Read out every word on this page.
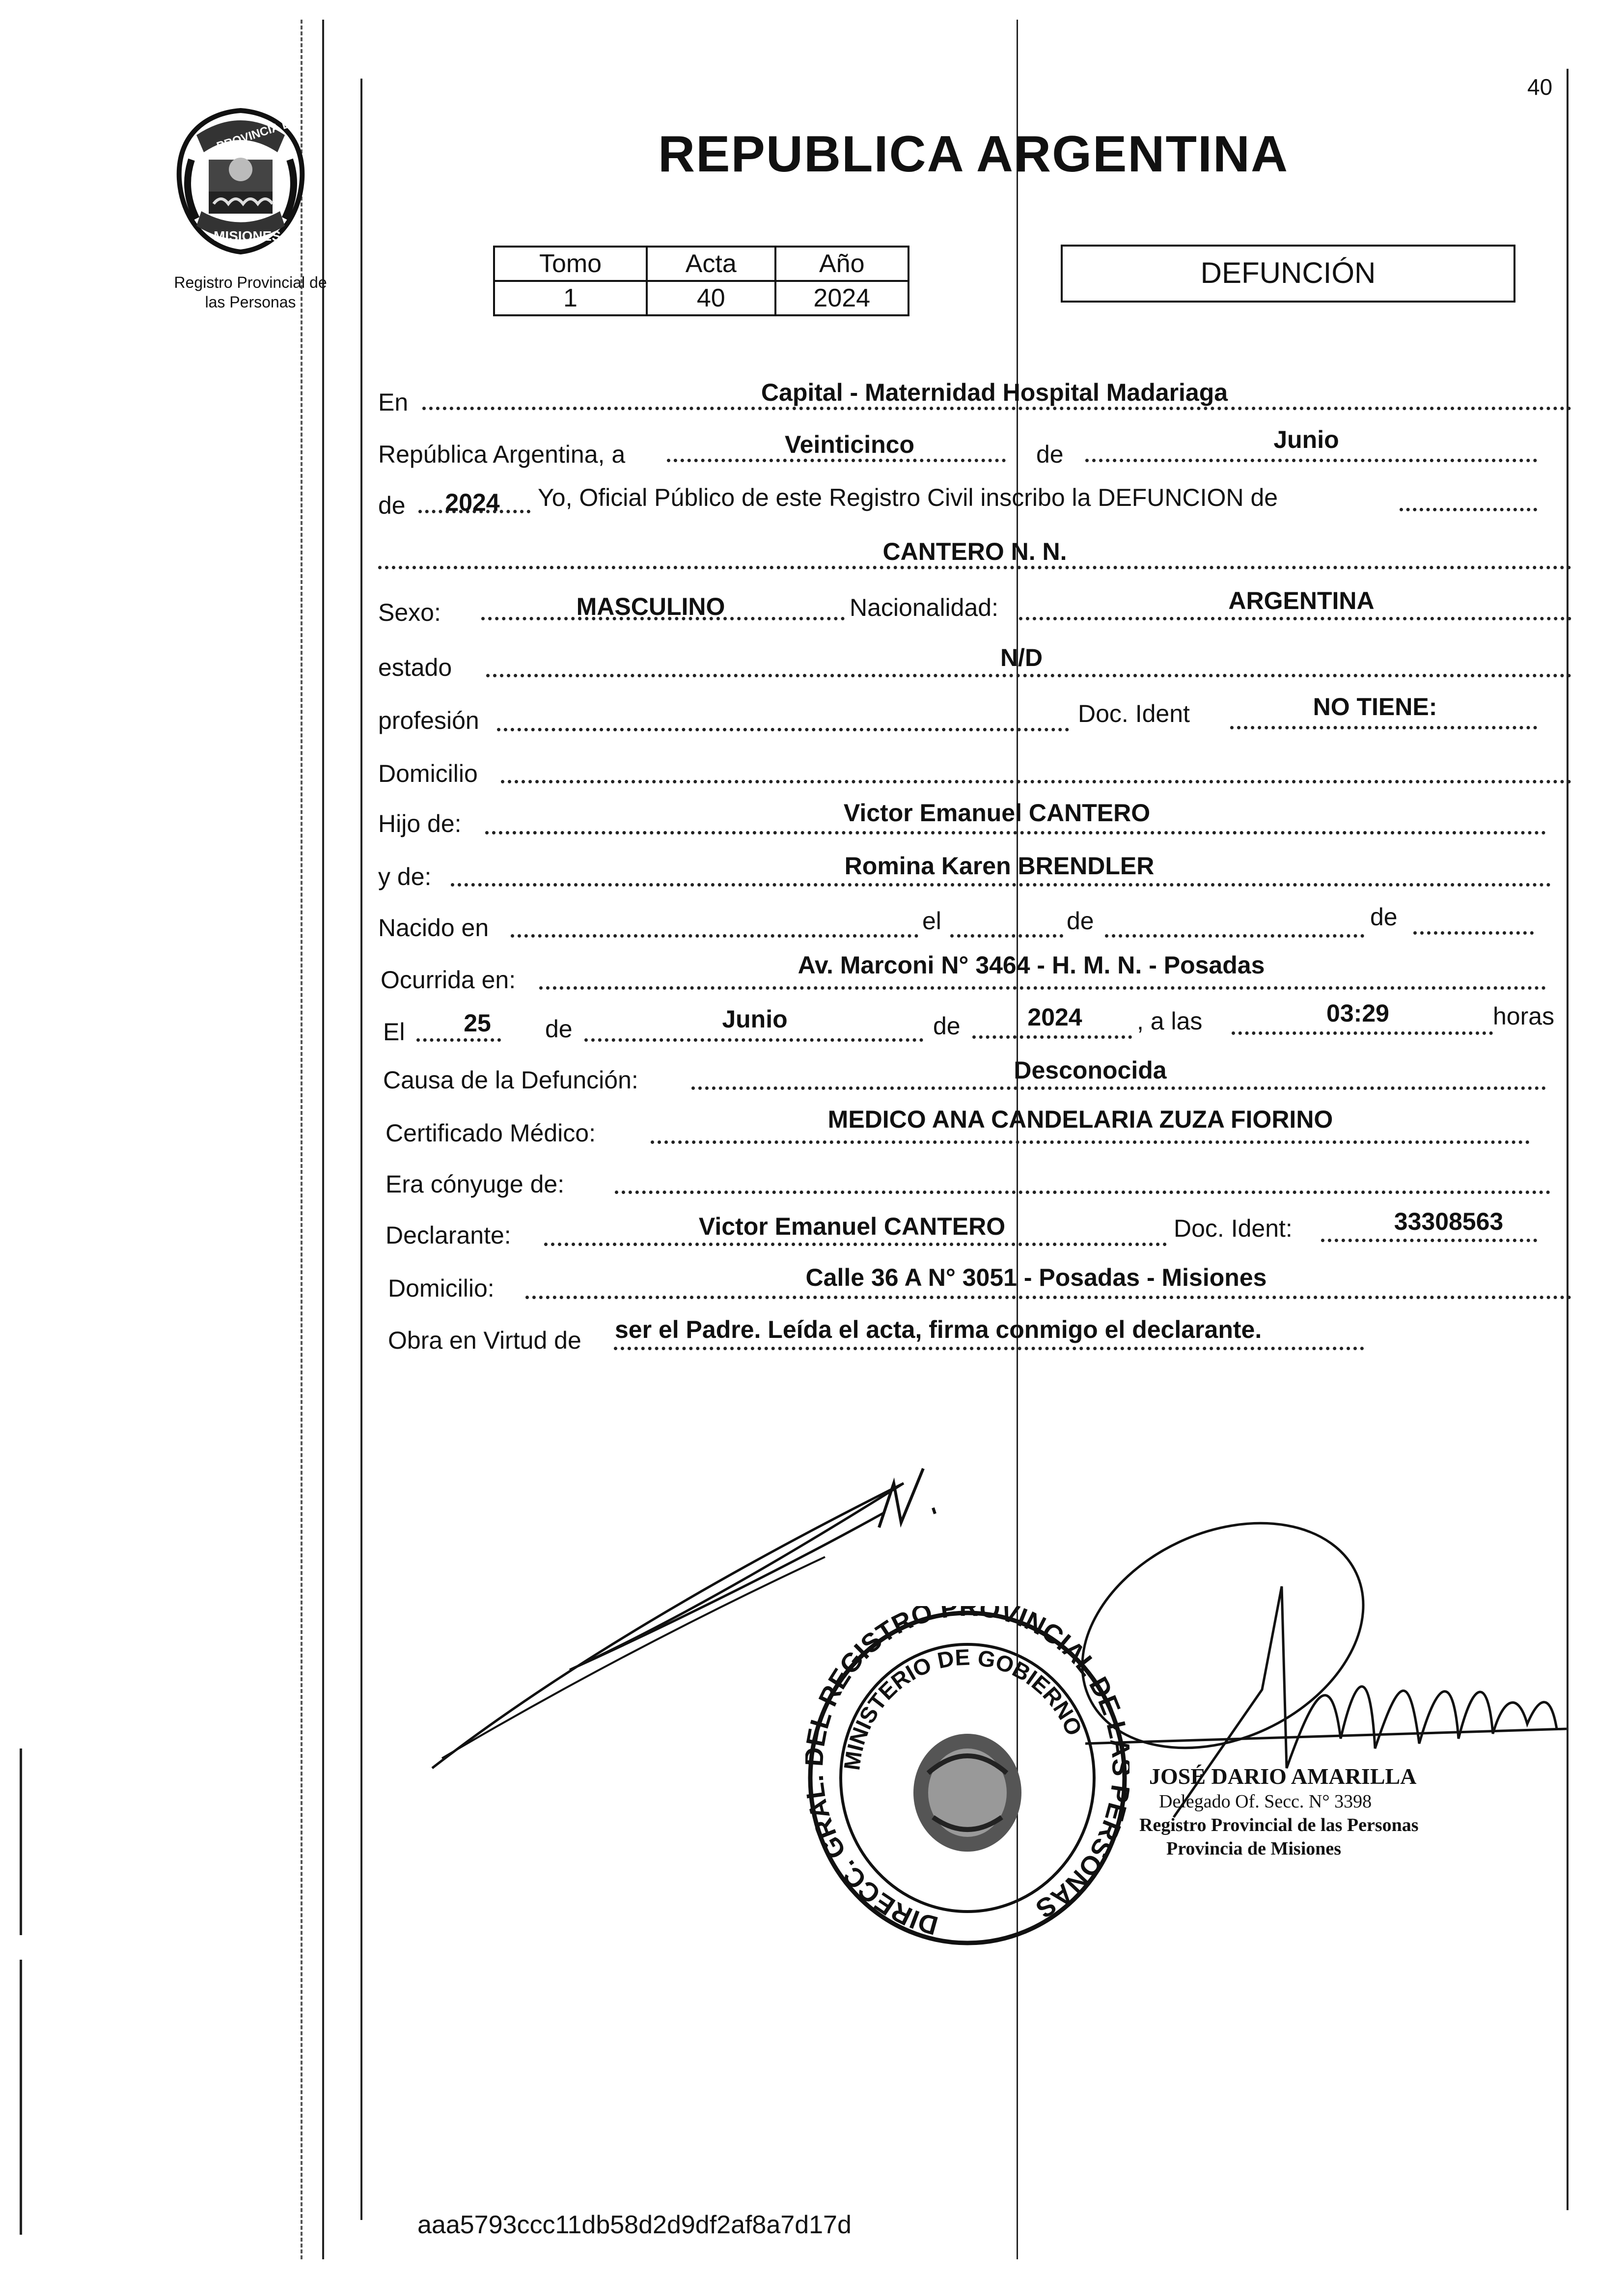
40
PROVINCIA DE
MISIONES
Registro Provincial de
las Personas
REPUBLICA ARGENTINA
Tomo	Acta	Año
1	40	2024
DEFUNCIÓN
En	Capital - Maternidad Hospital Madariaga
República Argentina, a	Veinticinco	de
Junio
de 2024 Yo, Oficial Público de este Registro Civil inscribo la DEFUNCION de
CANTERO N. N.
Sexo:	MASCULINO	Nacionalidad:	ARGENTINA
estado	N/D
profesión	Doc. Ident	NO TIENE:
Domicilio
Hijo de:	Victor Emanuel CANTERO
y de:	Romina Karen BRENDLER
Nacido en	el	de	de
Ocurrida en:
Av. Marconi N° 3464 - H. M. N. - Posadas
El 25 de	Junio	de	2024 , a las	03:29	horas
Causa de la Defunción:	Desconocida
Certificado Médico:	MEDICO ANA CANDELARIA ZUZA FIORINO
Era cónyuge de:
Declarante:	Victor Emanuel CANTERO	Doc. Ident:	33308563
Domicilio:	Calle 36 A N° 3051 - Posadas - Misiones
Obra en Virtud de ser el Padre. Leída el acta, firma conmigo el declarante.
DIRECC. GRA L REGISTRO PROVINCIAL DE ERSONAS
MINISTERIO DE GOBIERNO
JOSÉ DARIO AMARILLA
Delegado Of. Secc. N° 3398
Registro Provincial de las Personas
Provincia de Misiones
aaa5793ccc11db58d2d9df2af8a7d17d
